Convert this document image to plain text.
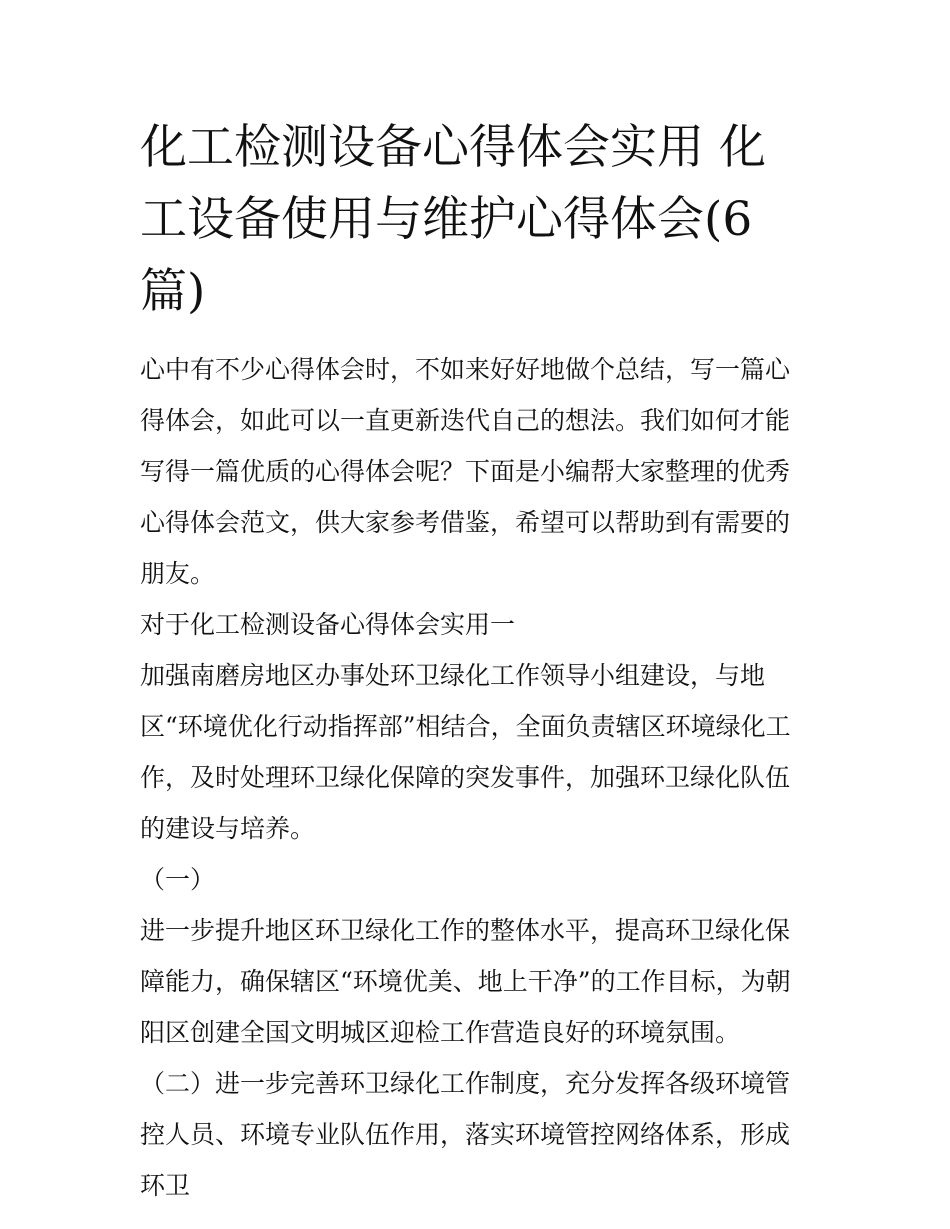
化工检测设备心得体会实用 化工设备使用与维护心得体会(6篇)

心中有不少心得体会时，不如来好好地做个总结，写一篇心得体会，如此可以一直更新迭代自己的想法。我们如何才能写得一篇优质的心得体会呢？下面是小编帮大家整理的优秀心得体会范文，供大家参考借鉴，希望可以帮助到有需要的朋友。

对于化工检测设备心得体会实用一

加强南磨房地区办事处环卫绿化工作领导小组建设，与地区“环境优化行动指挥部”相结合，全面负责辖区环境绿化工作，及时处理环卫绿化保障的突发事件，加强环卫绿化队伍的建设与培养。

（一）

进一步提升地区环卫绿化工作的整体水平，提高环卫绿化保障能力，确保辖区“环境优美、地上干净”的工作目标，为朝阳区创建全国文明城区迎检工作营造良好的环境氛围。

（二）进一步完善环卫绿化工作制度，充分发挥各级环境管控人员、环境专业队伍作用，落实环境管控网络体系，形成环卫
